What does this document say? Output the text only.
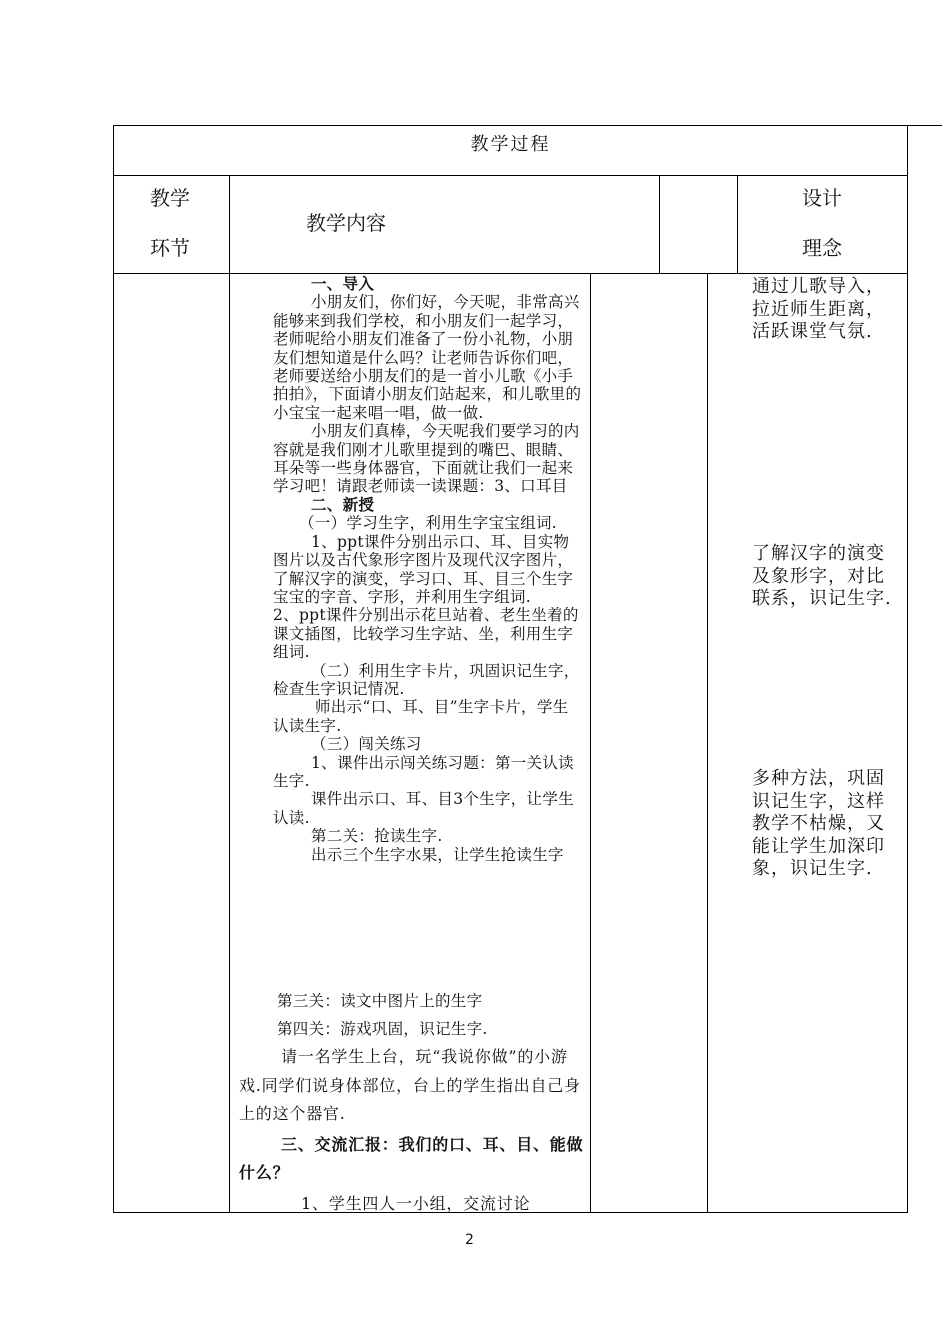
教学过程
教学
环节
教学内容
设计
理念

一、导入

小朋友们，你们好，今天呢，非常高兴能够来到我们学校，和小朋友们一起学习，老师呢给小朋友们准备了一份小礼物，小朋友们想知道是什么吗？让老师告诉你们吧，老师要送给小朋友们的是一首小儿歌《小手拍拍》，下面请小朋友们站起来，和儿歌里的小宝宝一起来唱一唱，做一做.

小朋友们真棒，今天呢我们要学习的内容就是我们刚才儿歌里提到的嘴巴、眼睛、耳朵等一些身体器官，下面就让我们一起来学习吧！请跟老师读一读课题：3、口耳目

二、新授

（一）学习生字，利用生字宝宝组词.

1、ppt课件分别出示口、耳、目实物图片以及古代象形字图片及现代汉字图片，了解汉字的演变，学习口、耳、目三个生字宝宝的字音、字形，并利用生字组词.

2、ppt课件分别出示花旦站着、老生坐着的课文插图，比较学习生字站、坐，利用生字组词.

（二）利用生字卡片，巩固识记生字，检查生字识记情况.

师出示“口、耳、目”生字卡片，学生认读生字.

（三）闯关练习

1、课件出示闯关练习题：第一关认读生字.

课件出示口、耳、目3个生字，让学生认读.

第二关：抢读生字.

出示三个生字水果，让学生抢读生字

第三关：读文中图片上的生字

第四关：游戏巩固，识记生字.

请一名学生上台，玩“我说你做”的小游戏.同学们说身体部位，台上的学生指出自己身上的这个器官.

三、交流汇报：我们的口、耳、目、能做什么？

1、学生四人一小组，交流讨论

通过儿歌导入，拉近师生距离，活跃课堂气氛.
了解汉字的演变及象形字，对比联系，识记生字.
多种方法，巩固识记生字，这样教学不枯燥，又能让学生加深印象，识记生字.
2
